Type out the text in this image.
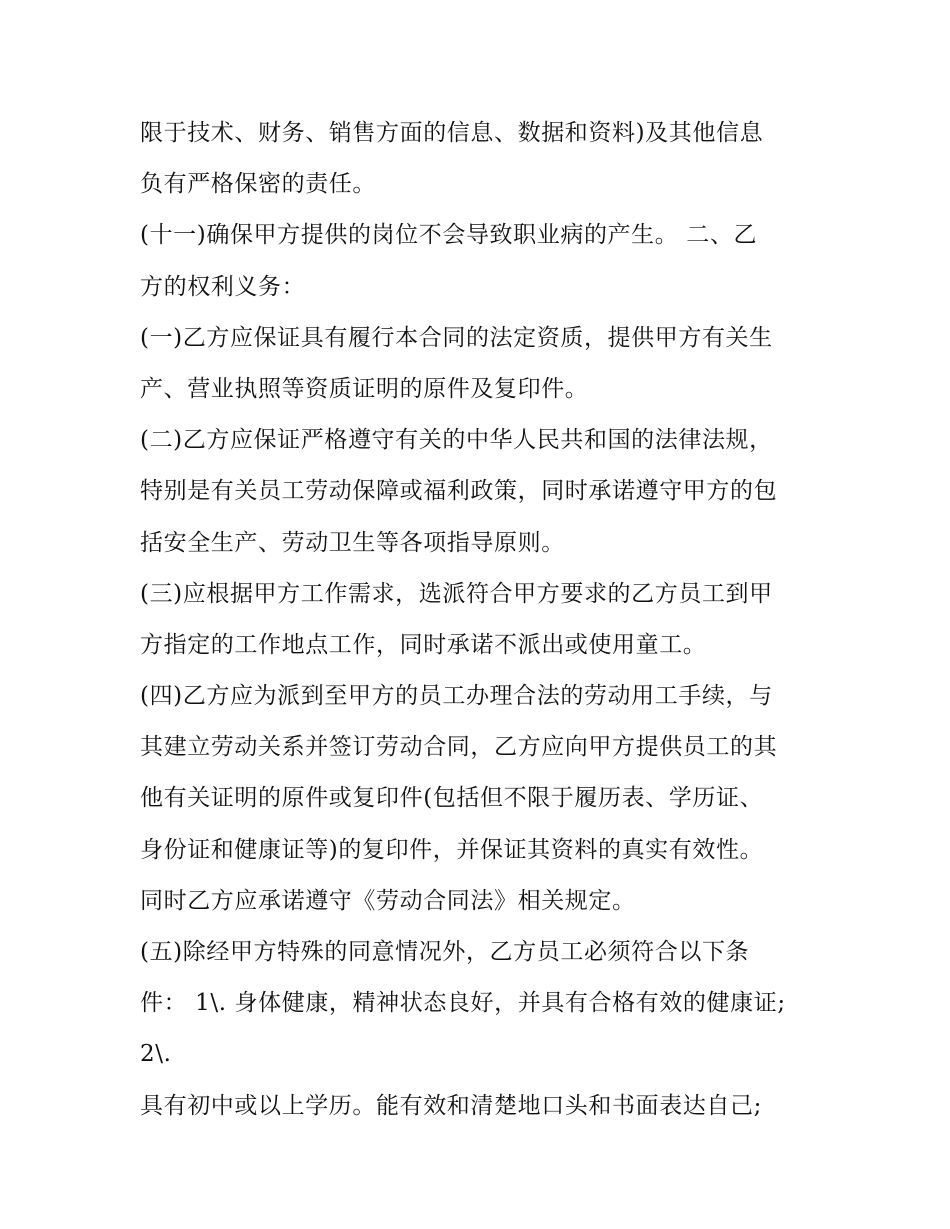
限于技术、财务、销售方面的信息、数据和资料)及其他信息
负有严格保密的责任。
(十一)确保甲方提供的岗位不会导致职业病的产生。 二、乙
方的权利义务：
(一)乙方应保证具有履行本合同的法定资质，提供甲方有关生
产、营业执照等资质证明的原件及复印件。
(二)乙方应保证严格遵守有关的中华人民共和国的法律法规，
特别是有关员工劳动保障或福利政策，同时承诺遵守甲方的包
括安全生产、劳动卫生等各项指导原则。
(三)应根据甲方工作需求，选派符合甲方要求的乙方员工到甲
方指定的工作地点工作，同时承诺不派出或使用童工。
(四)乙方应为派到至甲方的员工办理合法的劳动用工手续，与
其建立劳动关系并签订劳动合同，乙方应向甲方提供员工的其
他有关证明的原件或复印件(包括但不限于履历表、学历证、
身份证和健康证等)的复印件，并保证其资料的真实有效性。
同时乙方应承诺遵守《劳动合同法》相关规定。
(五)除经甲方特殊的同意情况外，乙方员工必须符合以下条
件： 1\. 身体健康，精神状态良好，并具有合格有效的健康证;
2\.
具有初中或以上学历。能有效和清楚地口头和书面表达自己;
